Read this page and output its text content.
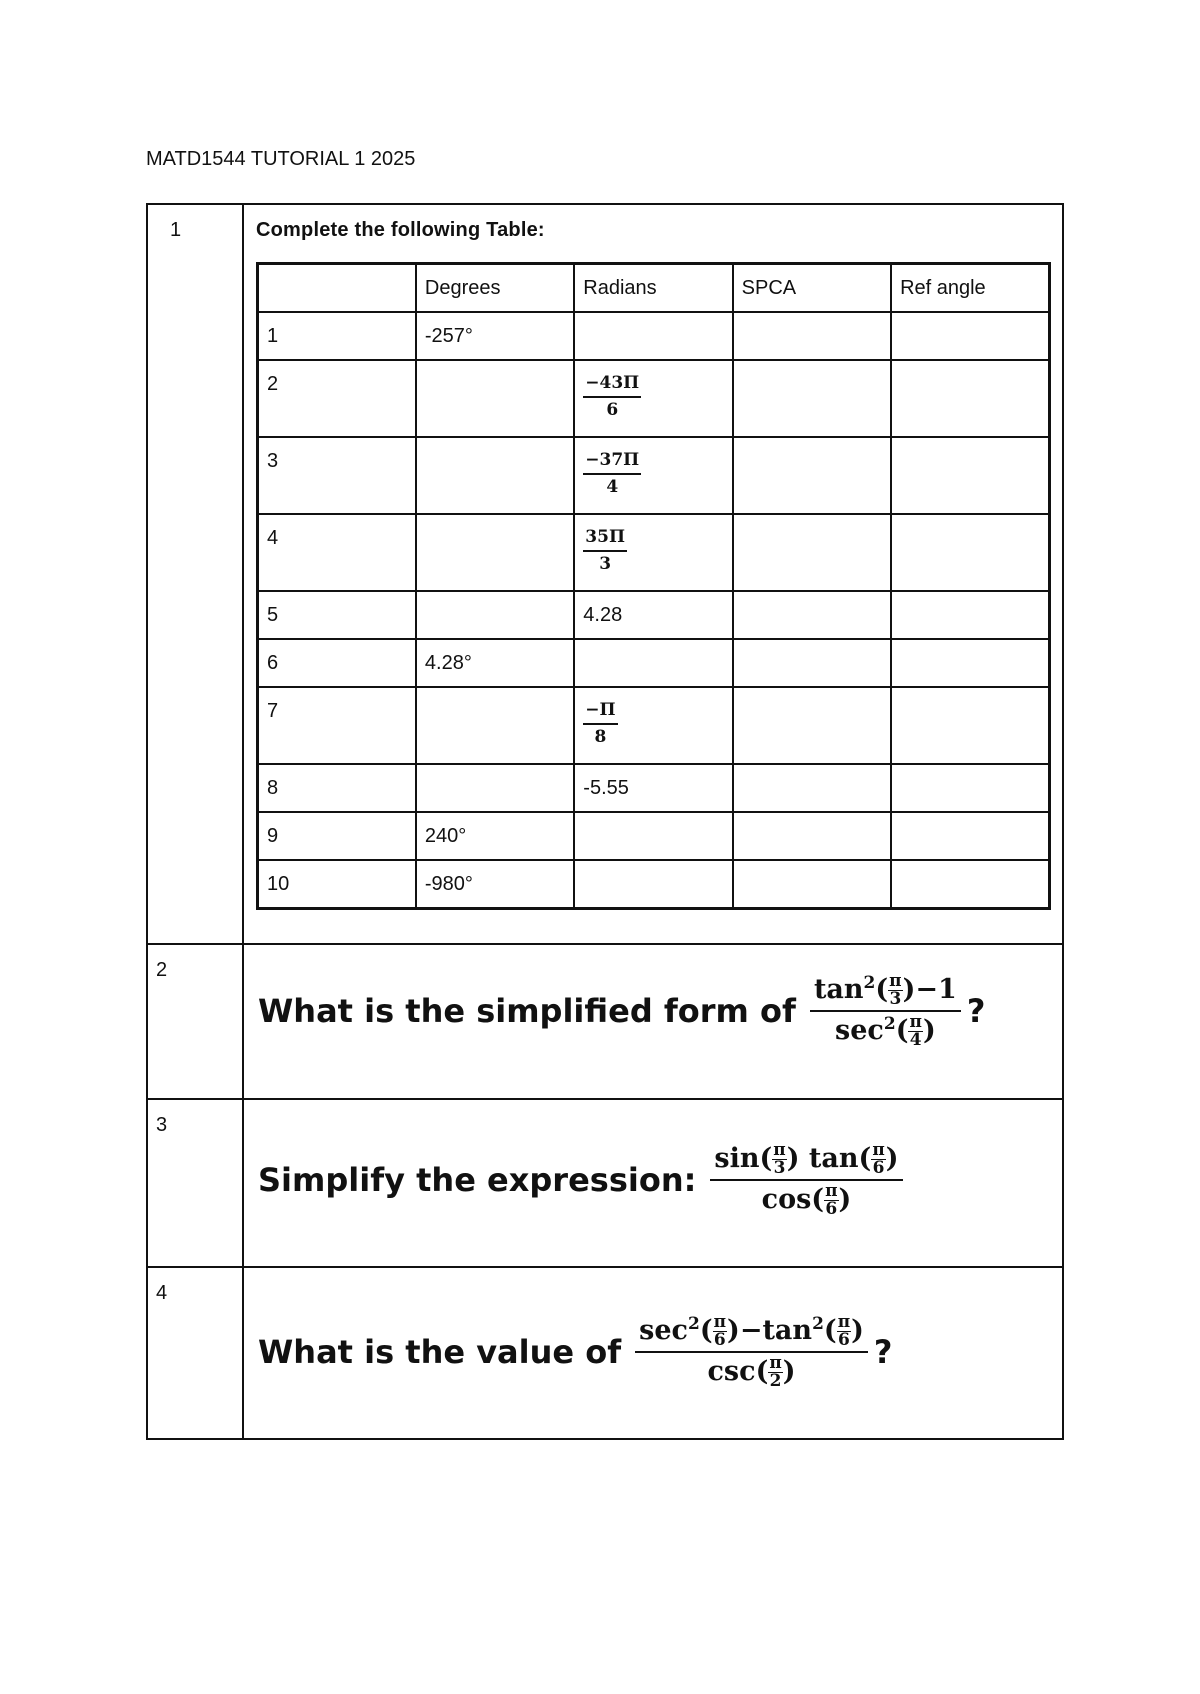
MATD1544 TUTORIAL 1 2025
1	Complete the following Table:
	Degrees	Radians	SPCA	Ref angle
1	-257°			
2		$\frac{-43\Pi}{6}$

3		$\frac{-37\Pi}{4}$

4		$\frac{35\Pi}{3}$

5		4.28		
6	4.28°			
7		$\frac{-\Pi}{8}$

8		-5.55		
9	240°			
10	-980°			

2

What is the simplified form of
$\tan^2( \frac{\pi}{3} )-1$
$\sec^2( \frac{\pi}{4}$ )
?

3

Simplify the expression: $\frac{\sin( \frac{\pi}{3} ) \tan( \frac{\pi}{6} )}{\cos( \frac{\pi}{6} )}$

4

What is the value of
$\sec^2( \frac{\pi}{6} )-\tan^2( \frac{\pi}{6}$ )
$\csc( \frac{\pi}{2}$ )
?
